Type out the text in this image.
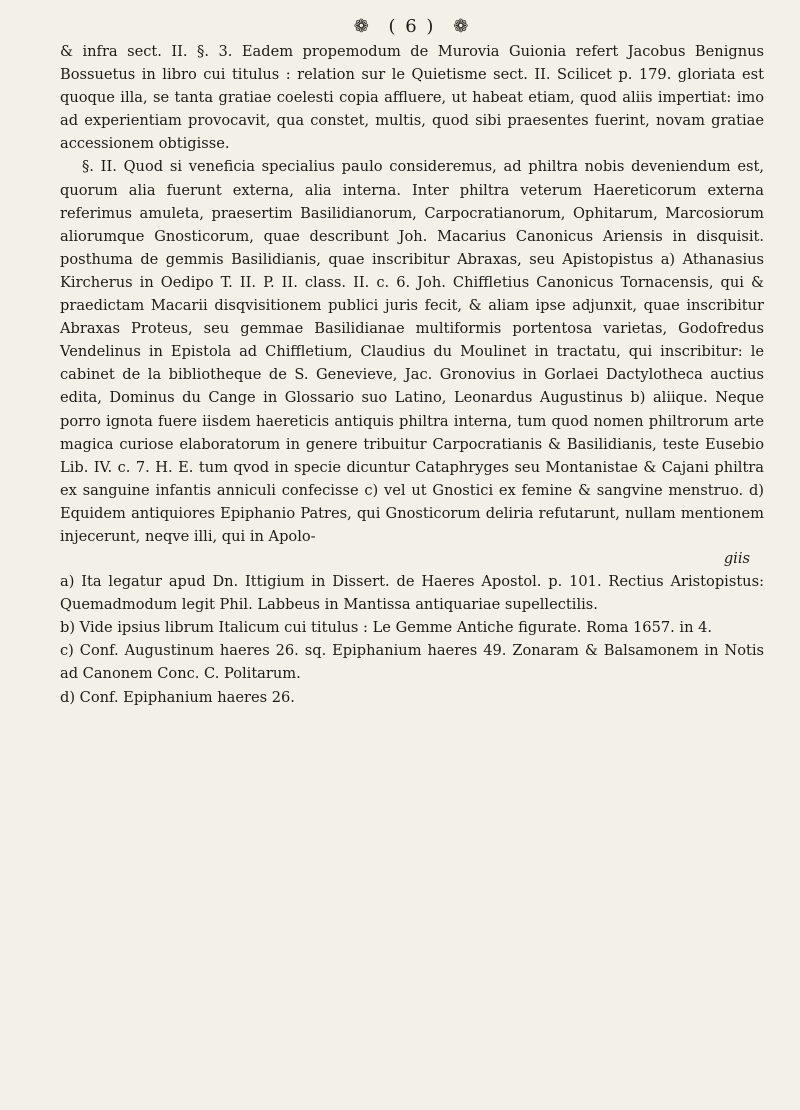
❁ ( 6 ) ❁

& infra sect. II. §. 3. Eadem propemodum de Murovia Guionia refert Jacobus Benignus Bossuetus in libro cui titulus : relation sur le Quietisme sect. II. Scilicet p. 179. gloriata est quoque illa, se tanta gratiae coelesti copia affluere, ut habeat etiam, quod aliis impertiat: imo ad experientiam provocavit, qua constet, multis, quod sibi praesentes fuerint, novam gratiae accessionem obtigisse.

§. II. Quod si veneficia specialius paulo consideremus, ad philtra nobis deveniendum est, quorum alia fuerunt externa, alia interna. Inter philtra veterum Haereticorum externa referimus amuleta, praesertim Basilidianorum, Carpocratianorum, Ophitarum, Marcosiorum aliorumque Gnosticorum, quae describunt Joh. Macarius Canonicus Ariensis in disquisit. posthuma de gemmis Basilidianis, quae inscribitur Abraxas, seu Apistopistus a) Athanasius Kircherus in Oedipo T. II. P. II. class. II. c. 6. Joh. Chiffletius Canonicus Tornacensis, qui & praedictam Macarii disqvisitionem publici juris fecit, & aliam ipse adjunxit, quae inscribitur Abraxas Proteus, seu gemmae Basilidianae multiformis portentosa varietas, Godofredus Vendelinus in Epistola ad Chiffletium, Claudius du Moulinet in tractatu, qui inscribitur: le cabinet de la bibliotheque de S. Genevieve, Jac. Gronovius in Gorlaei Dactylotheca auctius edita, Dominus du Cange in Glossario suo Latino, Leonardus Augustinus b) aliique. Neque porro ignota fuere iisdem haereticis antiquis philtra interna, tum quod nomen philtrorum arte magica curiose elaboratorum in genere tribuitur Carpocratianis & Basilidianis, teste Eusebio Lib. IV. c. 7. H. E. tum qvod in specie dicuntur Cataphryges seu Montanistae & Cajani philtra ex sanguine infantis anniculi confecisse c) vel ut Gnostici ex femine & sangvine menstruo. d) Equidem antiquiores Epiphanio Patres, qui Gnosticorum deliria refutarunt, nullam mentionem injecerunt, neqve illi, qui in Apolo-

giis

a) Ita legatur apud Dn. Ittigium in Dissert. de Haeres Apostol. p. 101. Rectius Aristopistus: Quemadmodum legit Phil. Labbeus in Mantissa antiquariae supellectilis.

b) Vide ipsius librum Italicum cui titulus : Le Gemme Antiche figurate. Roma 1657. in 4.

c) Conf. Augustinum haeres 26. sq. Epiphanium haeres 49. Zonaram & Balsamonem in Notis ad Canonem Conc. C. Politarum.

d) Conf. Epiphanium haeres 26.
